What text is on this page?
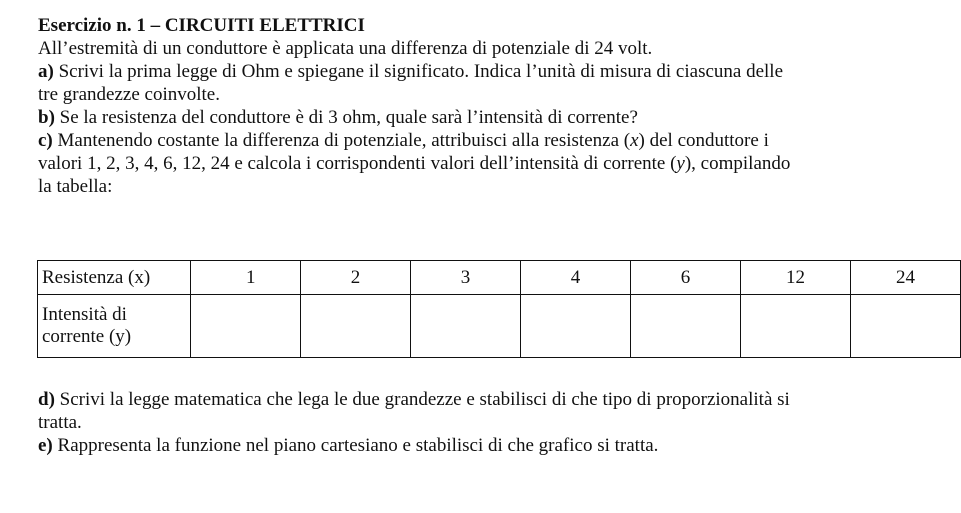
Esercizio n. 1 – CIRCUITI ELETTRICI

All’estremità di un conduttore è applicata una differenza di potenziale di 24 volt.

a) Scrivi la prima legge di Ohm e spiegane il significato. Indica l’unità di misura di ciascuna delle

tre grandezze coinvolte.

b) Se la resistenza del conduttore è di 3 ohm, quale sarà l’intensità di corrente?

c) Mantenendo costante la differenza di potenziale, attribuisci alla resistenza (x) del conduttore i

valori 1, 2, 3, 4, 6, 12, 24 e calcola i corrispondenti valori dell’intensità di corrente (y), compilando

la tabella:

Resistenza (x)	1	2	3	4	6	12	24
Intensità di
corrente (y)							

d) Scrivi la legge matematica che lega le due grandezze e stabilisci di che tipo di proporzionalità si

tratta.

e) Rappresenta la funzione nel piano cartesiano e stabilisci di che grafico si tratta.
